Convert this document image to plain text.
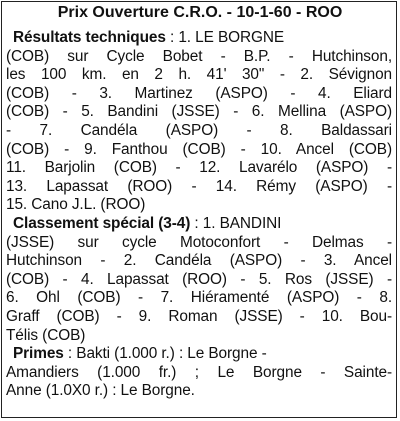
Prix Ouverture C.R.O. - 10-1-60 - ROO
Résultats techniques : 1. LE BORGNE
(COB) sur Cycle Bobet - B.P. - Hutchinson,
les 100 km. en 2 h. 41' 30" - 2. Sévignon
(COB) - 3. Martinez (ASPO) - 4. Eliard
(COB) - 5. Bandini (JSSE) - 6. Mellina (ASPO)
- 7. Candéla (ASPO) - 8. Baldassari
(COB) - 9. Fanthou (COB) - 10. Ancel (COB)
11. Barjolin (COB) - 12. Lavarélo (ASPO) -
13. Lapassat (ROO) - 14. Rémy (ASPO) -
15. Cano J.L. (ROO)
Classement spécial (3-4) : 1. BANDINI
(JSSE) sur cycle Motoconfort - Delmas -
Hutchinson - 2. Candéla (ASPO) - 3. Ancel
(COB) - 4. Lapassat (ROO) - 5. Ros (JSSE) -
6. Ohl (COB) - 7. Hiéramenté (ASPO) - 8.
Graff (COB) - 9. Roman (JSSE) - 10. Bou-
Télis (COB)
Primes : Bakti (1.000 r.) : Le Borgne -
Amandiers (1.000 fr.) ; Le Borgne - Sainte-
Anne (1.0X0 r.) : Le Borgne.
